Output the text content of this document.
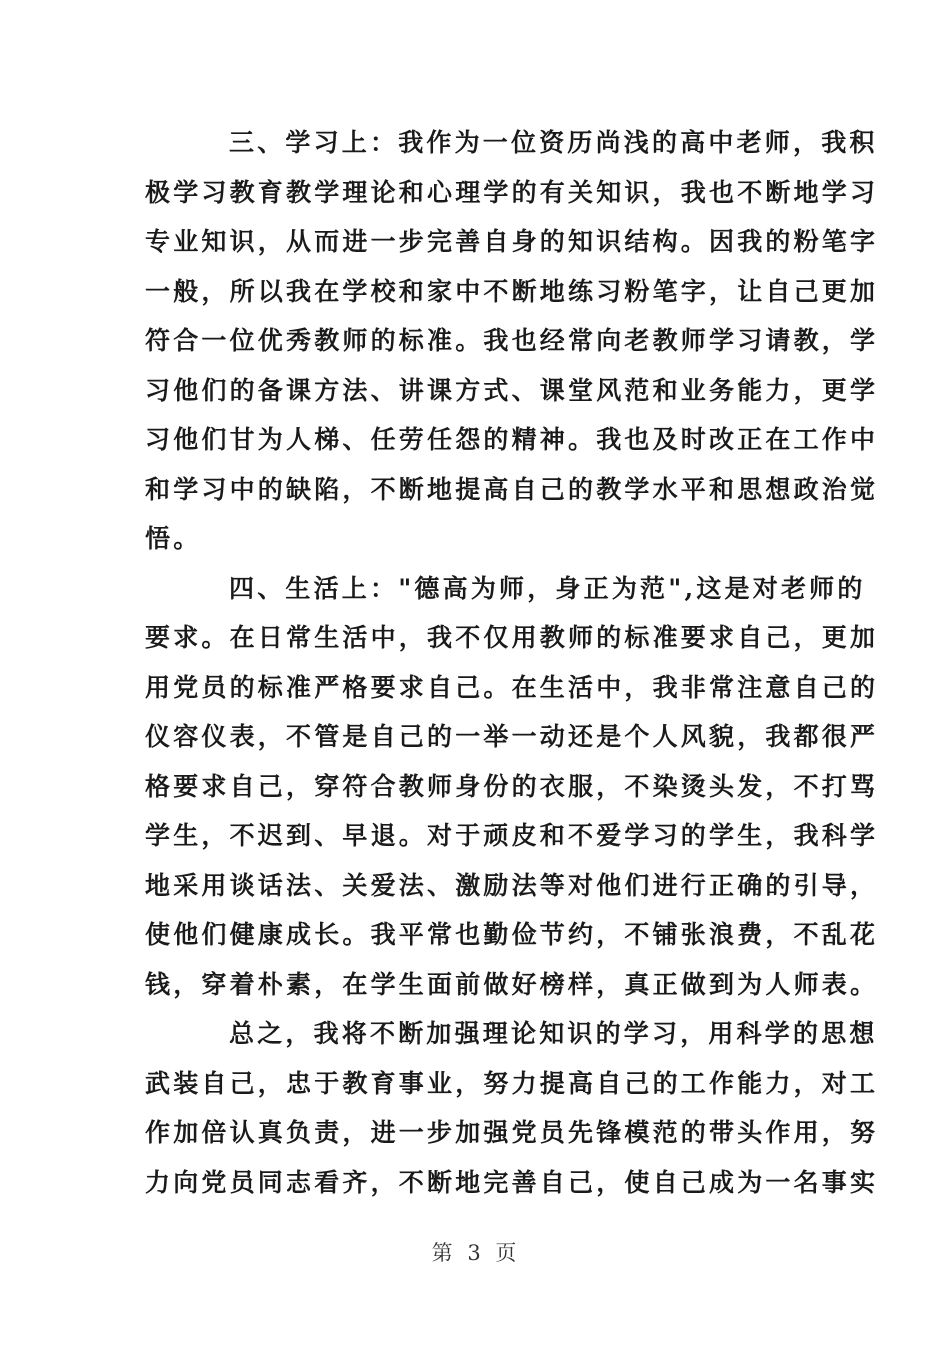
三、学习上：我作为一位资历尚浅的高中老师，我积
极学习教育教学理论和心理学的有关知识，我也不断地学习
专业知识，从而进一步完善自身的知识结构。因我的粉笔字
一般，所以我在学校和家中不断地练习粉笔字，让自己更加
符合一位优秀教师的标准。我也经常向老教师学习请教，学
习他们的备课方法、讲课方式、课堂风范和业务能力，更学
习他们甘为人梯、任劳任怨的精神。我也及时改正在工作中
和学习中的缺陷，不断地提高自己的教学水平和思想政治觉
悟。
四、生活上："德高为师，身正为范",这是对老师的
要求。在日常生活中，我不仅用教师的标准要求自己，更加
用党员的标准严格要求自己。在生活中，我非常注意自己的
仪容仪表，不管是自己的一举一动还是个人风貌，我都很严
格要求自己，穿符合教师身份的衣服，不染烫头发，不打骂
学生，不迟到、早退。对于顽皮和不爱学习的学生，我科学
地采用谈话法、关爱法、激励法等对他们进行正确的引导，
使他们健康成长。我平常也勤俭节约，不铺张浪费，不乱花
钱，穿着朴素，在学生面前做好榜样，真正做到为人师表。
总之，我将不断加强理论知识的学习，用科学的思想
武装自己，忠于教育事业，努力提高自己的工作能力，对工
作加倍认真负责，进一步加强党员先锋模范的带头作用，努
力向党员同志看齐，不断地完善自己，使自己成为一名事实
第 3 页
